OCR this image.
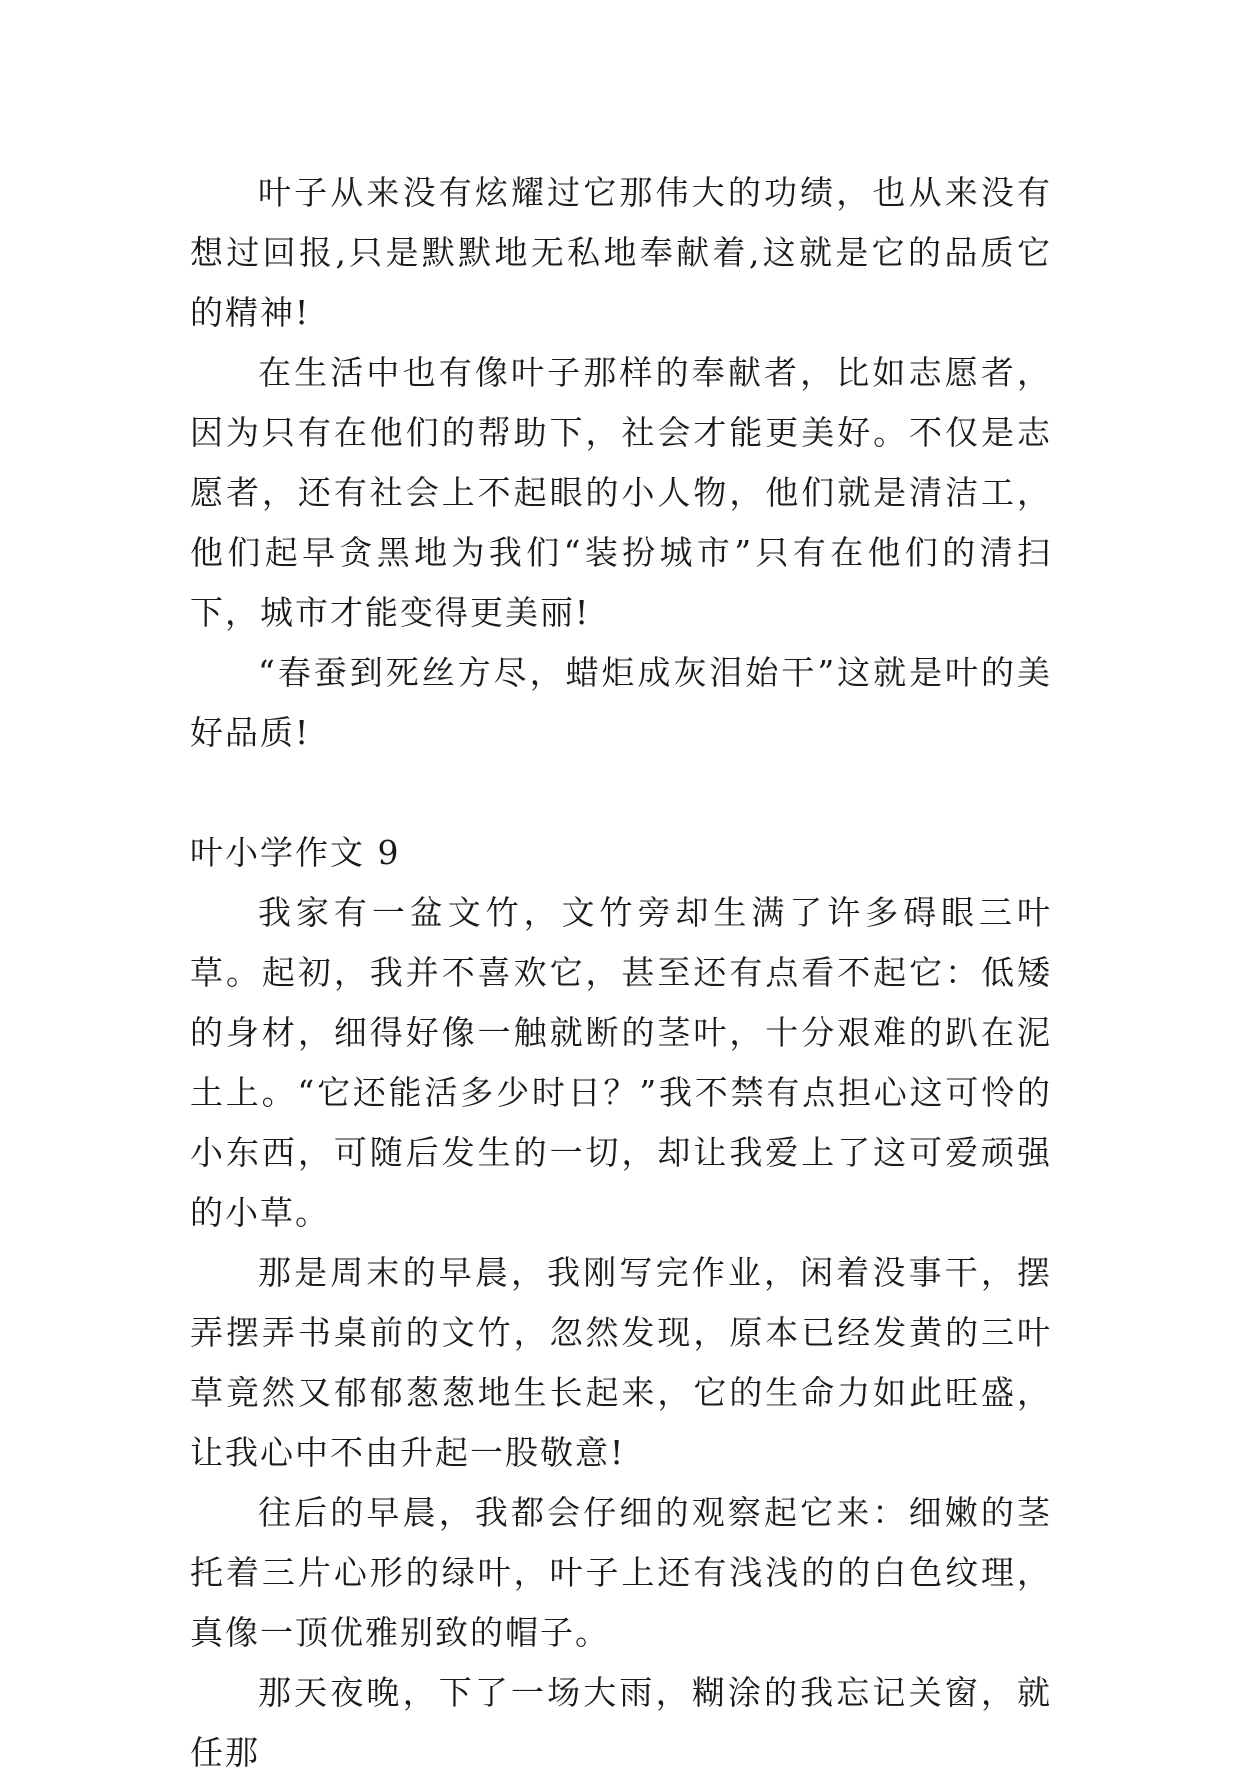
叶子从来没有炫耀过它那伟大的功绩，也从来没有想过回报,只是默默地无私地奉献着,这就是它的品质它的精神!

在生活中也有像叶子那样的奉献者，比如志愿者，因为只有在他们的帮助下，社会才能更美好。不仅是志愿者，还有社会上不起眼的小人物，他们就是清洁工，他们起早贪黑地为我们“装扮城市”只有在他们的清扫下，城市才能变得更美丽!

“春蚕到死丝方尽，蜡炬成灰泪始干”这就是叶的美好品质!

叶小学作文 9

我家有一盆文竹，文竹旁却生满了许多碍眼三叶草。起初，我并不喜欢它，甚至还有点看不起它：低矮的身材，细得好像一触就断的茎叶，十分艰难的趴在泥土上。“它还能活多少时日？”我不禁有点担心这可怜的小东西，可随后发生的一切，却让我爱上了这可爱顽强的小草。

那是周末的早晨，我刚写完作业，闲着没事干，摆弄摆弄书桌前的文竹，忽然发现，原本已经发黄的三叶草竟然又郁郁葱葱地生长起来，它的生命力如此旺盛，让我心中不由升起一股敬意!

往后的早晨，我都会仔细的观察起它来：细嫩的茎托着三片心形的绿叶，叶子上还有浅浅的的白色纹理，真像一顶优雅别致的帽子。

那天夜晚，下了一场大雨，糊涂的我忘记关窗，就任那
